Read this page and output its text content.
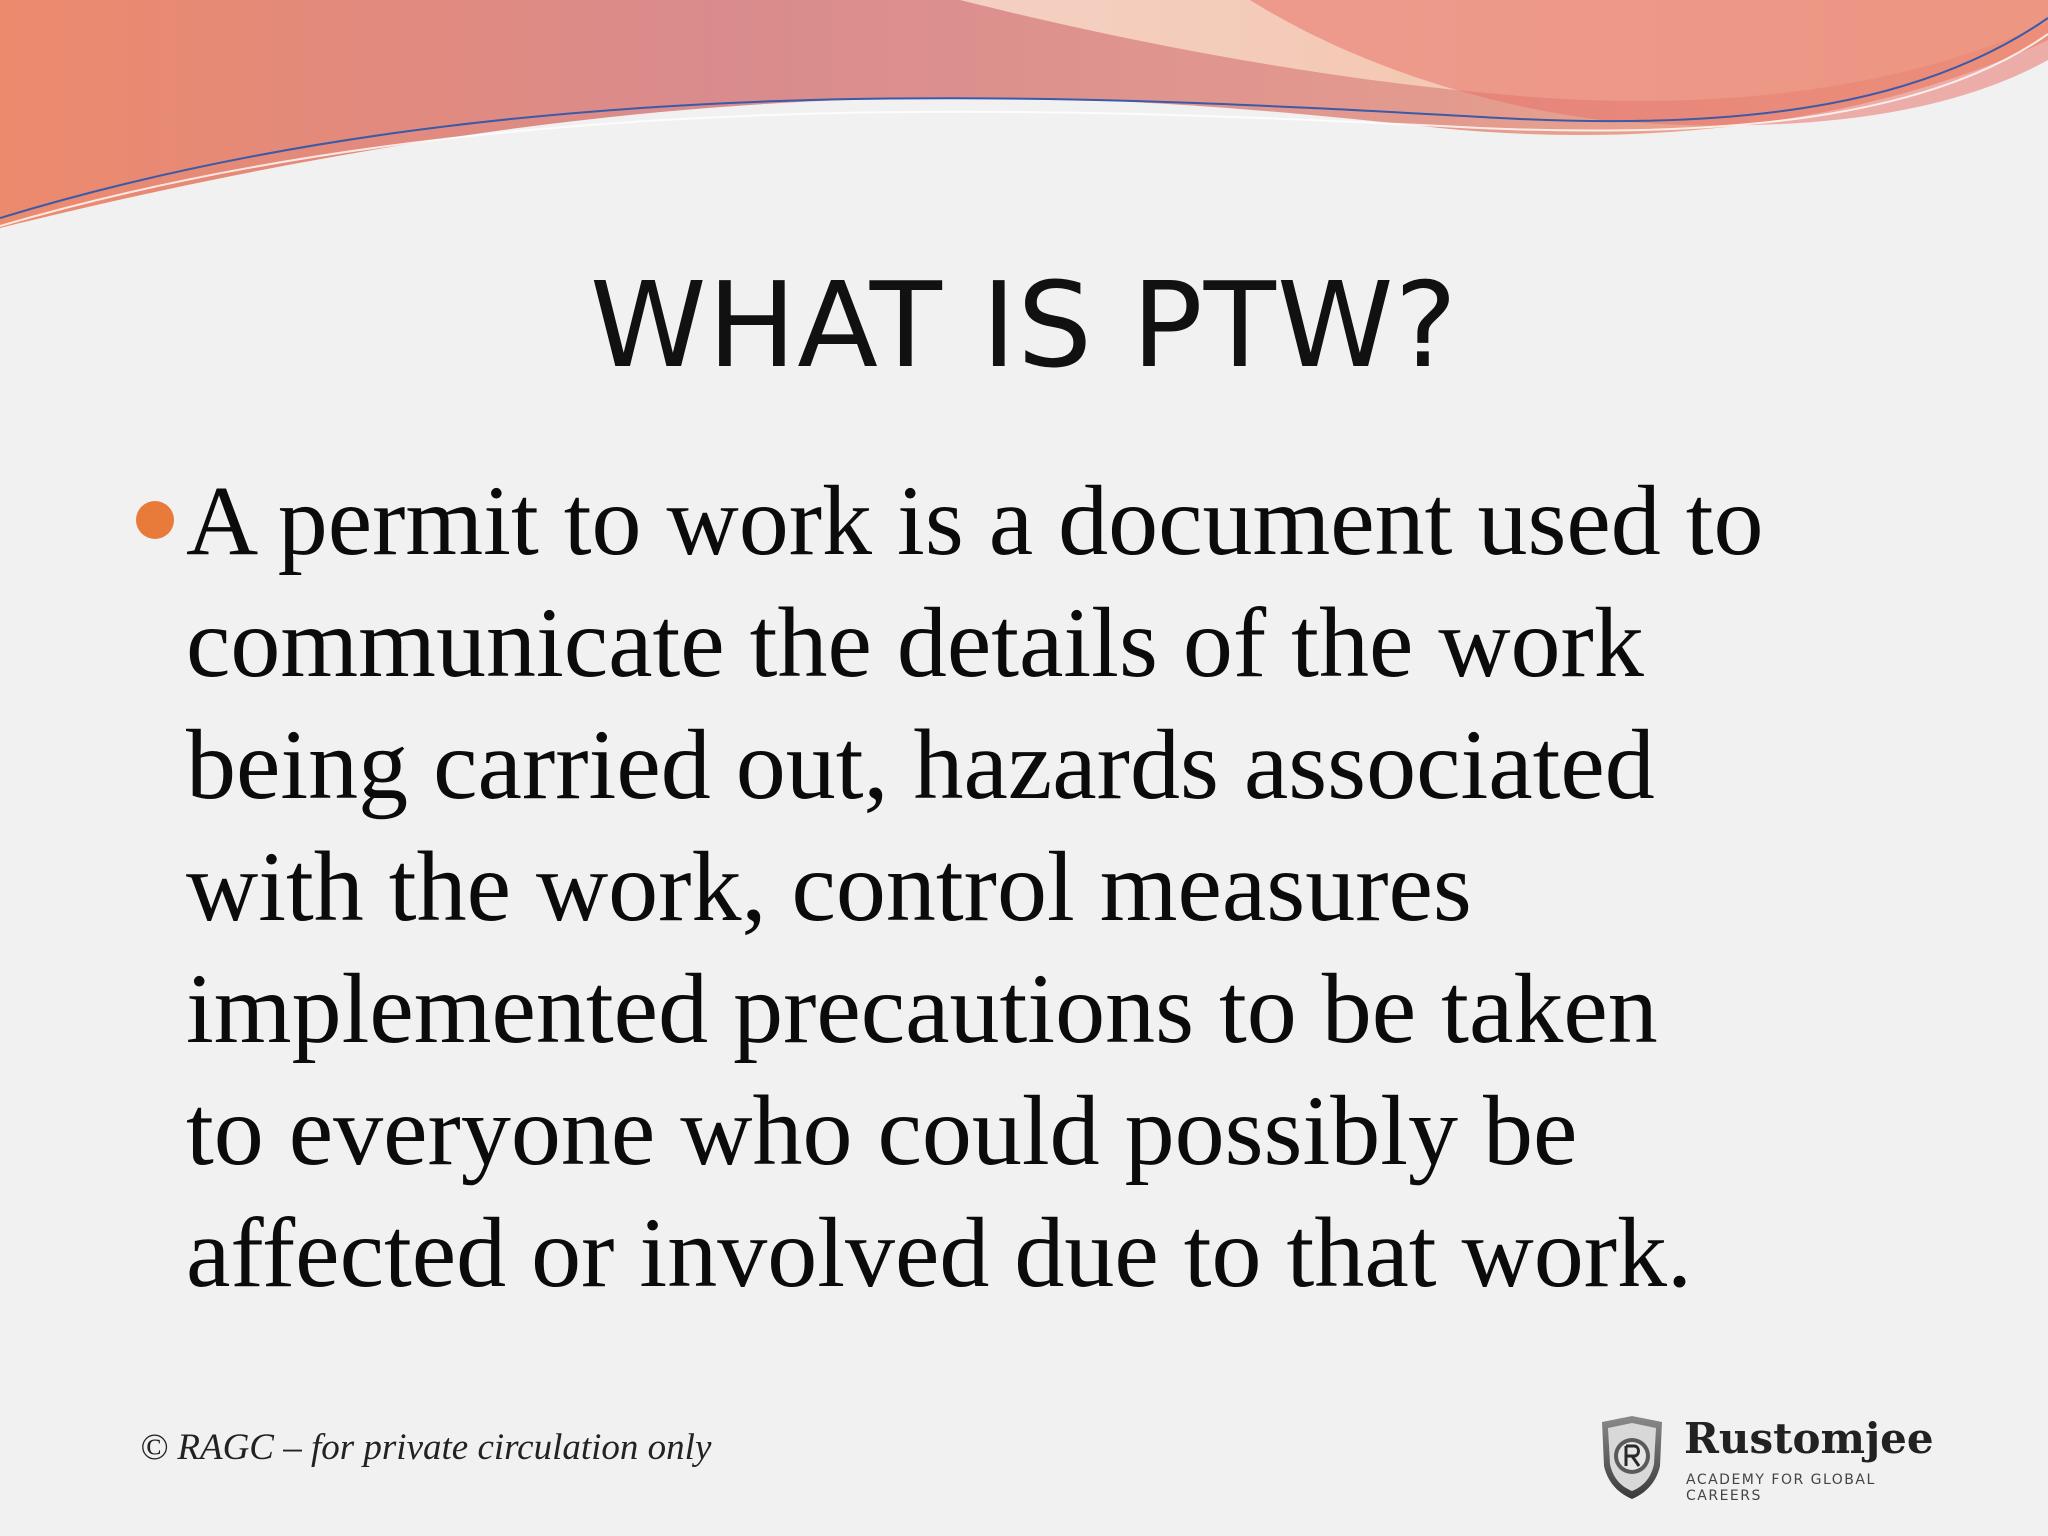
WHAT IS PTW?

A permit to work is a document used to
communicate the details of the work
being carried out, hazards associated
with the work, control measures
implemented precautions to be taken
to everyone who could possibly be
affected or involved due to that work.

© RAGC – for private circulation only	Rustomjee
ACADEMY FOR GLOBAL CAREERS
